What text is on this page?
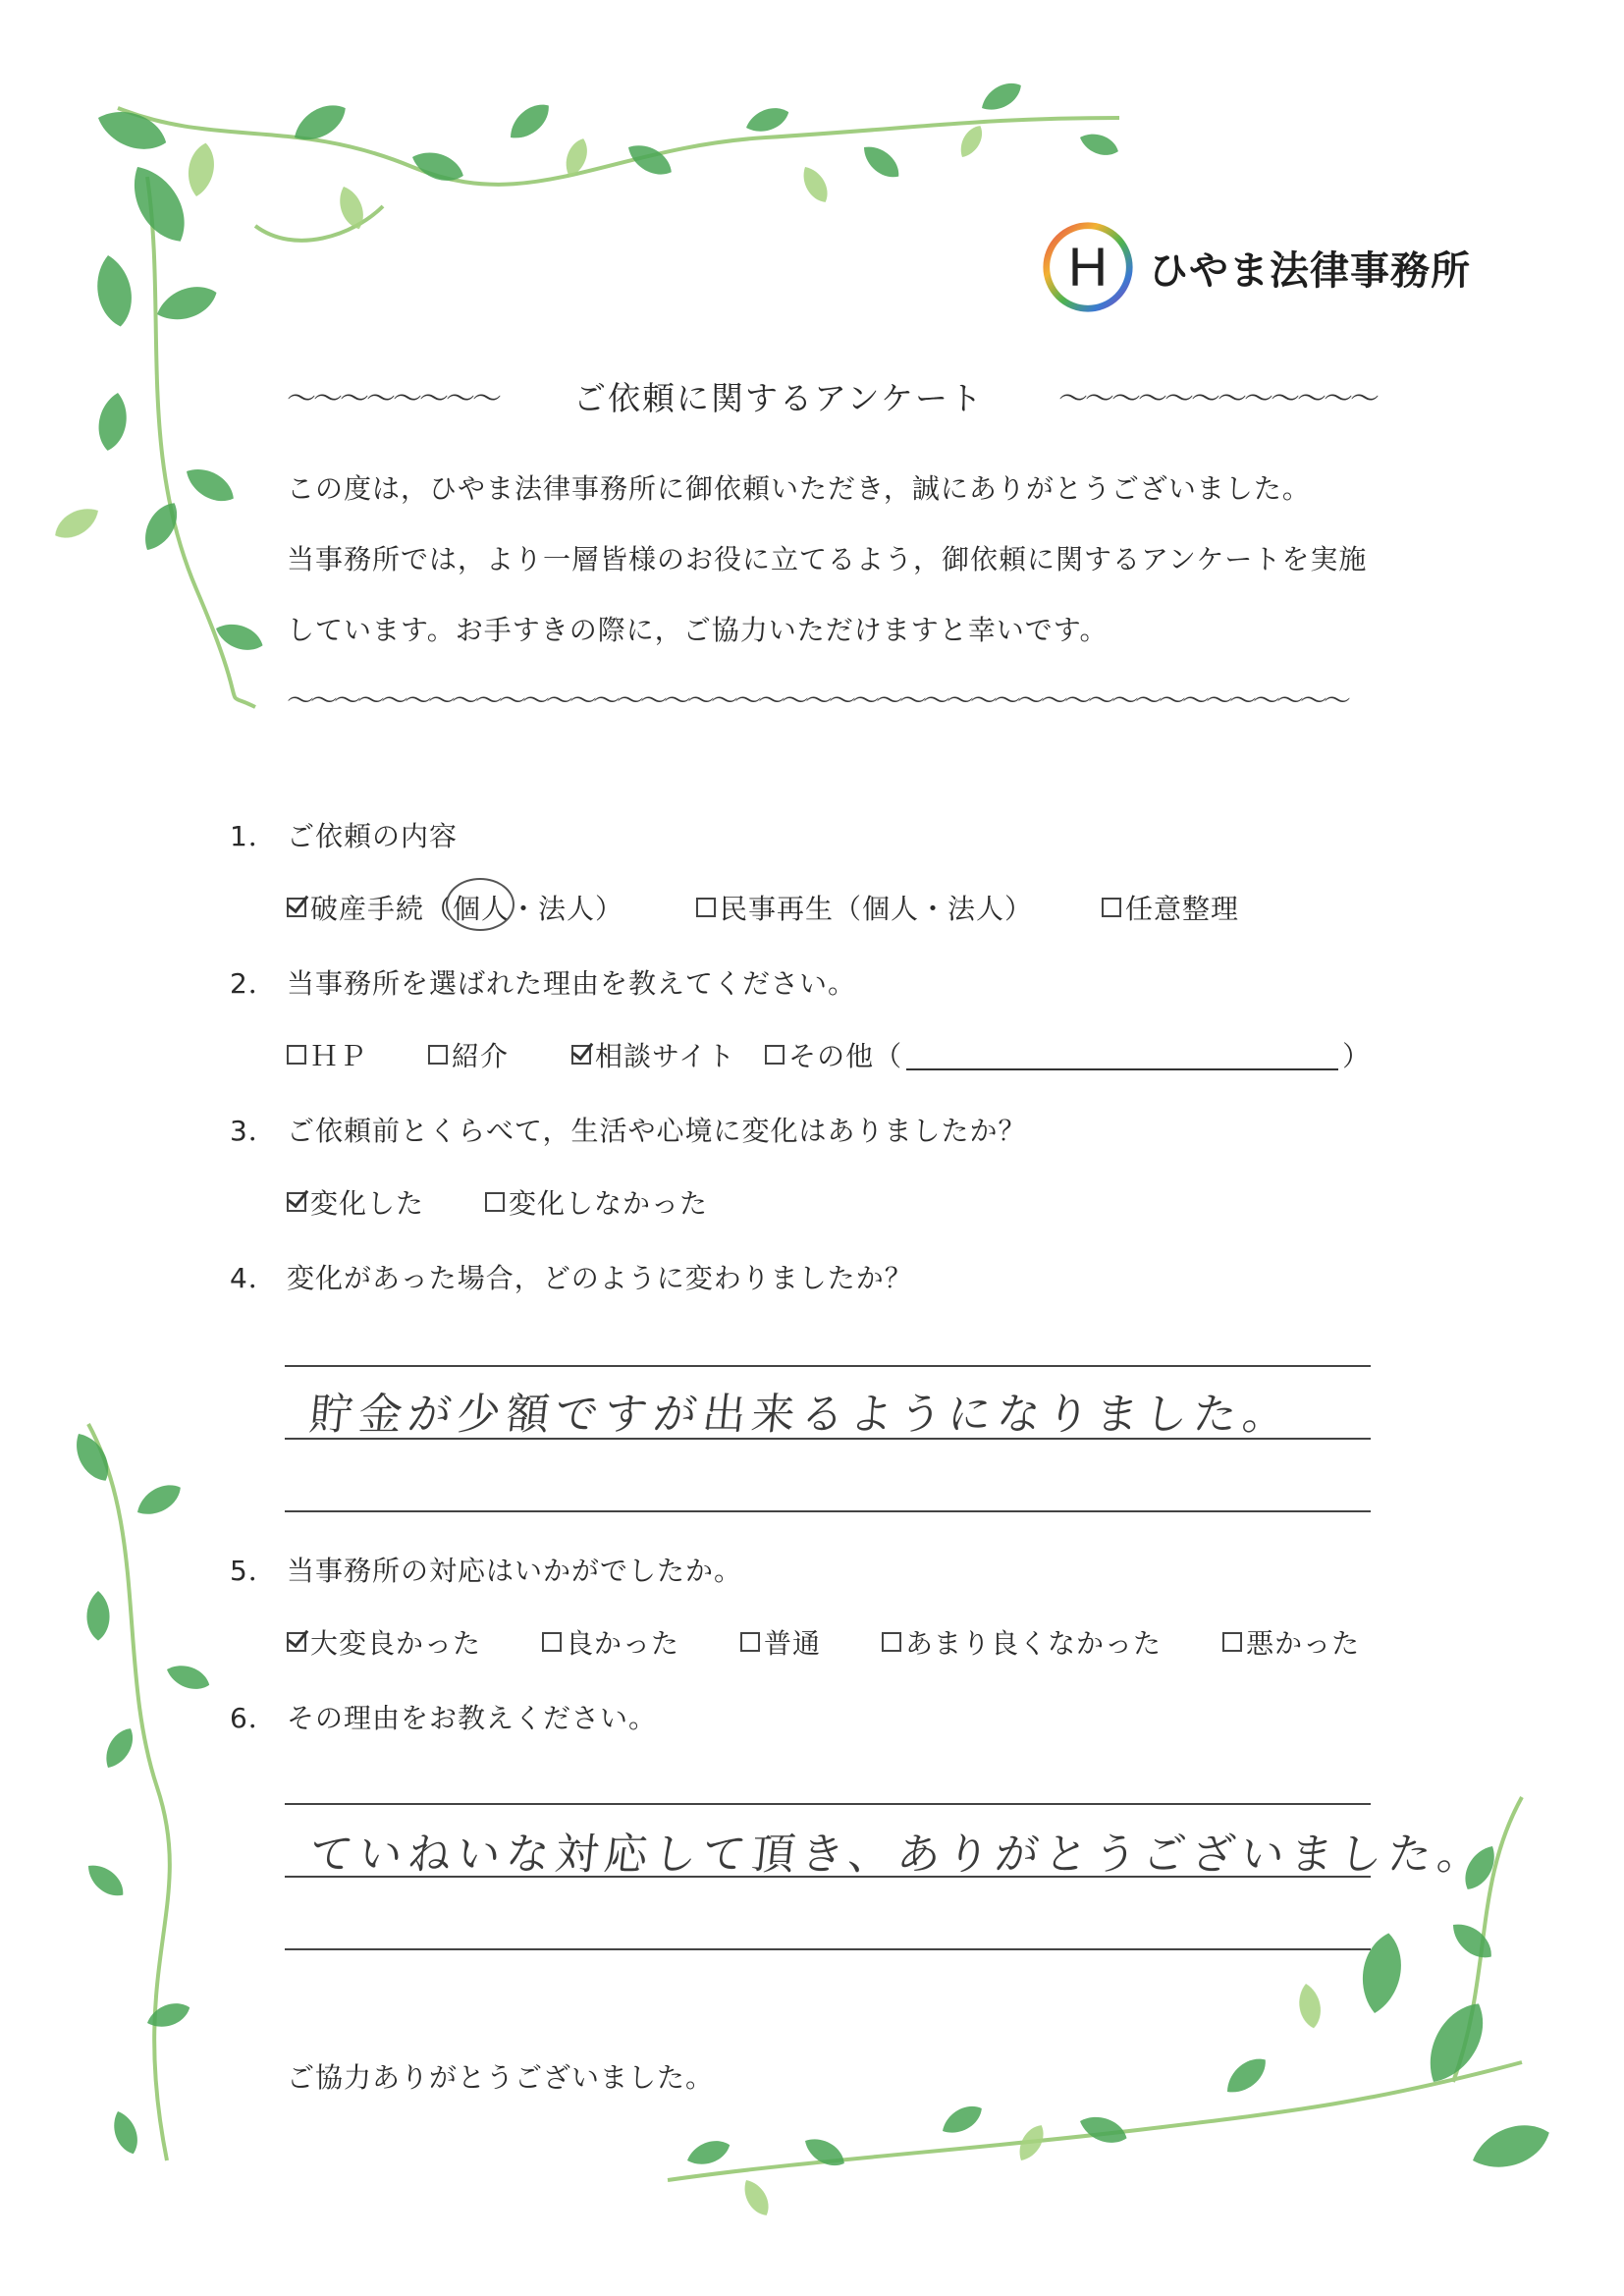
H ひやま法律事務所
〜〜〜〜〜〜〜〜 ご依頼に関するアンケート	〜〜〜〜〜〜〜〜〜〜〜〜
この度は，ひやま法律事務所に御依頼いただき，誠にありがとうございました。
当事務所では，より一層皆様のお役に立てるよう，御依頼に関するアンケートを実施
しています。お手すきの際に，ご協力いただけますと幸いです。
〜〜〜〜〜〜〜〜〜〜〜〜〜〜〜〜〜〜〜〜〜〜〜〜〜〜〜〜〜〜〜〜〜〜〜〜〜〜〜〜〜〜〜〜〜
1． ご依頼の内容
破産手続（個人・法人）	民事再生（個人・法人）	任意整理
2． 当事務所を選ばれた理由を教えてください。
ＨＰ	紹介	相談サイト その他（	）
3． ご依頼前とくらべて，生活や心境に変化はありましたか？
変化した	変化しなかった
4． 変化があった場合，どのように変わりましたか？
貯金が少額ですが出来るようになりました。
5． 当事務所の対応はいかがでしたか。
大変良かった	良かった	普通	あまり良くなかった	悪かった
6． その理由をお教えください。
ていねいな対応して頂き、ありがとうございました。
ご協力ありがとうございました。
